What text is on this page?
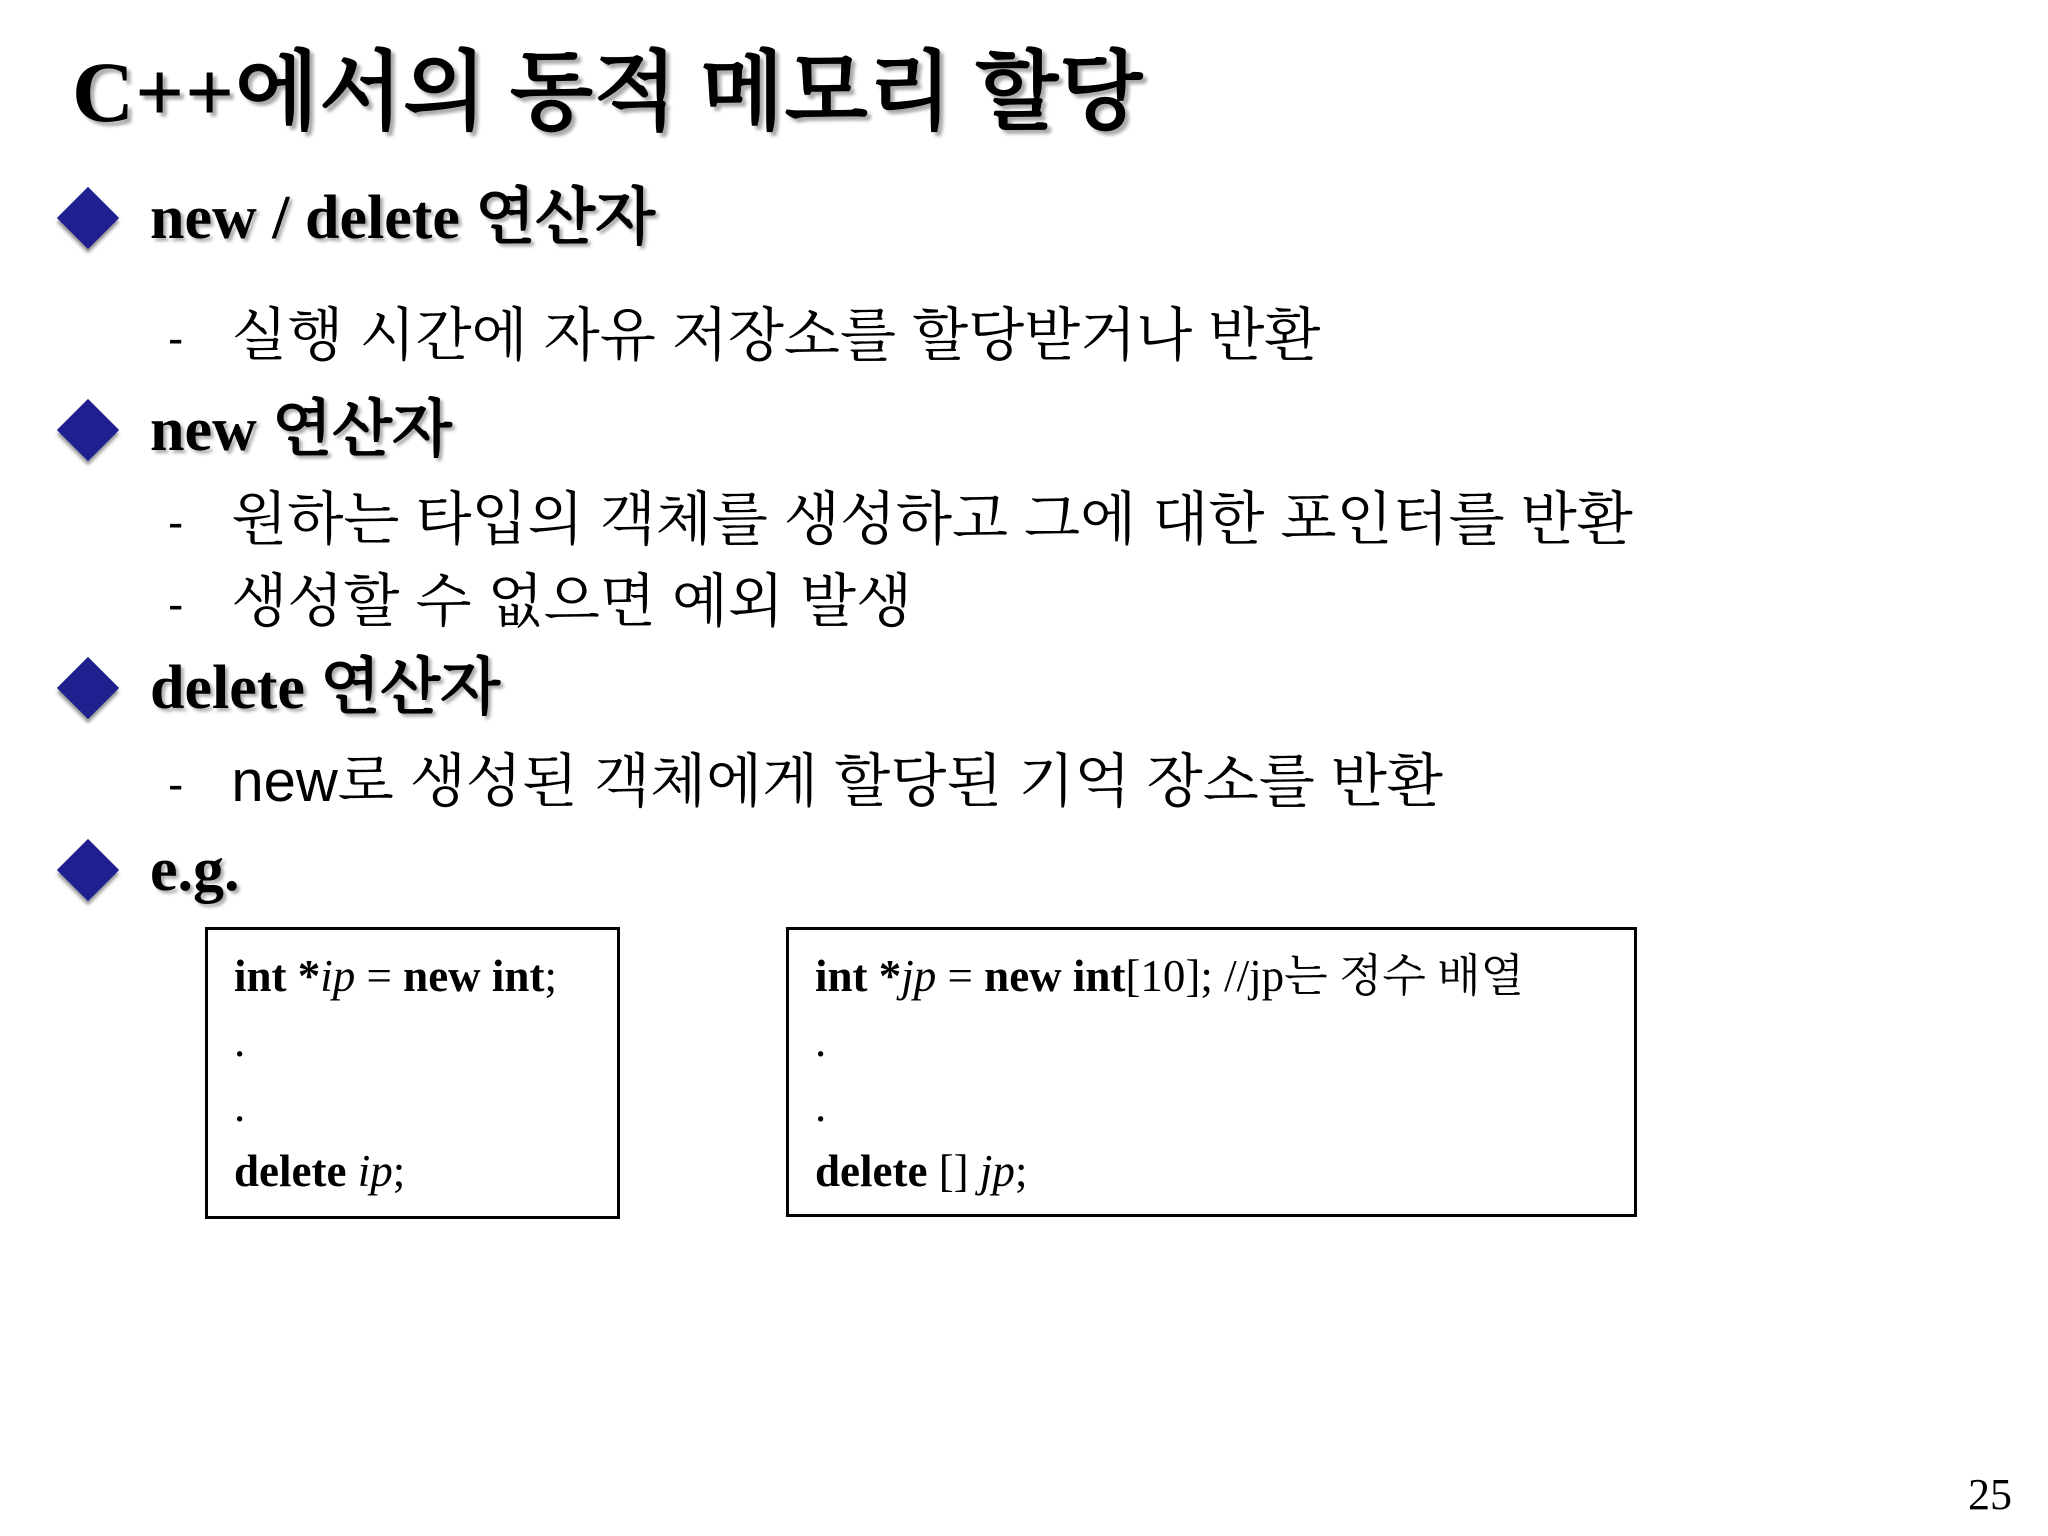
C++에서의 동적 메모리 할당
new / delete 연산자
- 실행 시간에 자유 저장소를 할당받거나 반환
new 연산자
- 원하는 타입의 객체를 생성하고 그에 대한 포인터를 반환
- 생성할 수 없으면 예외 발생
delete 연산자
- new로 생성된 객체에게 할당된 기억 장소를 반환
e.g.
int *ip = new int;
.
.
delete ip;
int *jp = new int[10]; //jp는 정수 배열
.
.
delete [] jp;
25
